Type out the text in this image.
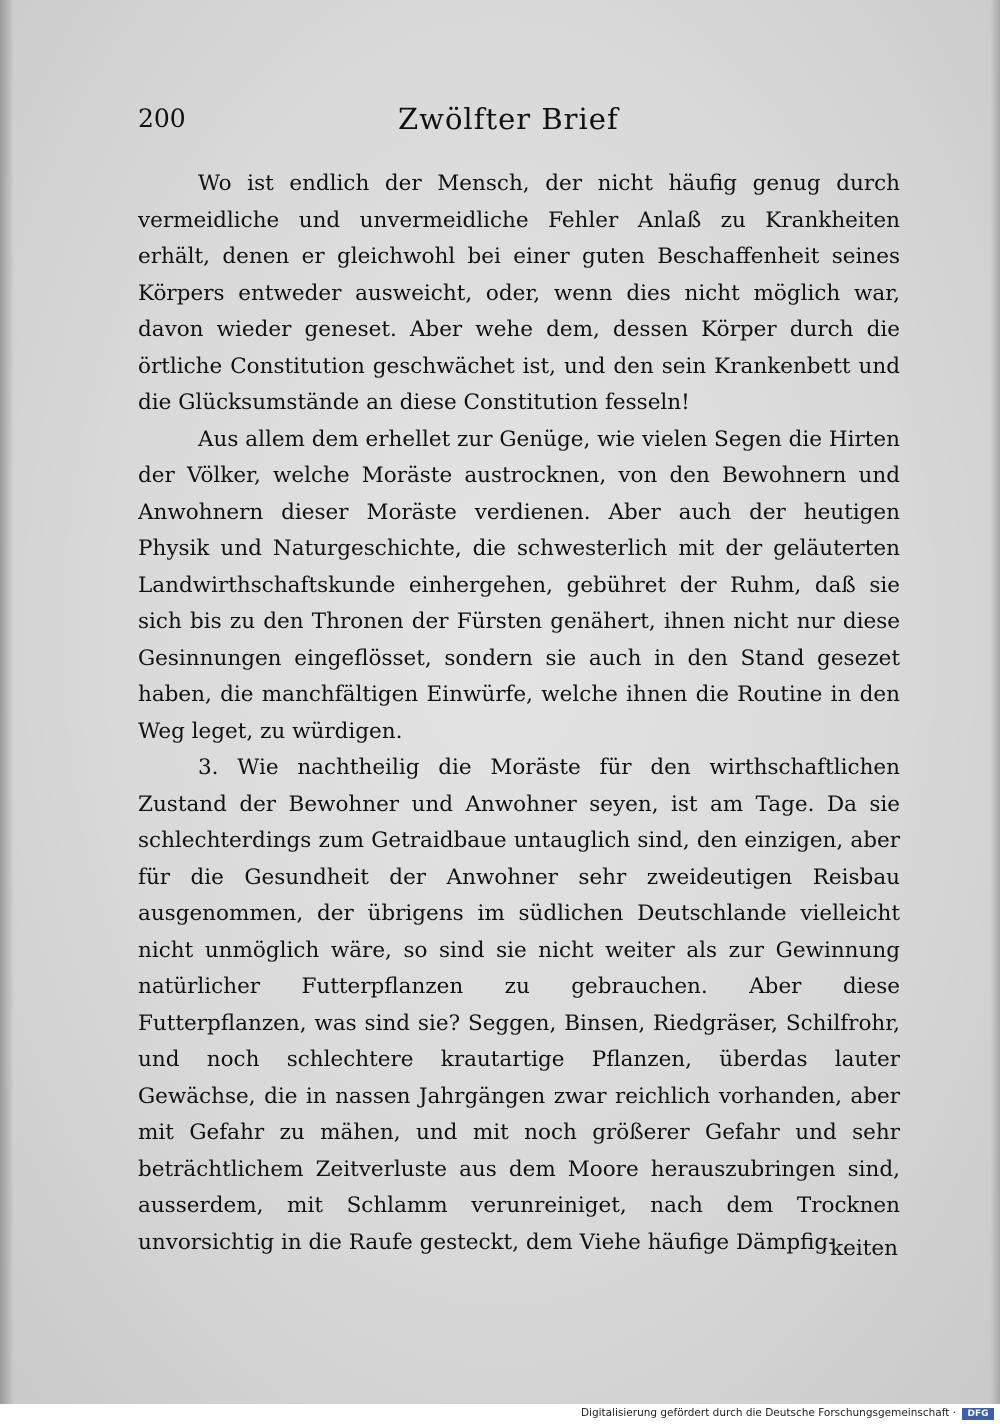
200	Zwölfter Brief

Wo ist endlich der Mensch, der nicht häufig genug durch vermeidliche und unvermeidliche Fehler Anlaß zu Krankheiten erhält, denen er gleichwohl bei einer guten Beschaffenheit seines Körpers entweder ausweicht, oder, wenn dies nicht möglich war, davon wieder geneset. Aber wehe dem, dessen Körper durch die örtliche Constitution geschwächet ist, und den sein Krankenbett und die Glücksumstände an diese Constitution fesseln!

Aus allem dem erhellet zur Genüge, wie vielen Segen die Hirten der Völker, welche Moräste austrocknen, von den Bewohnern und Anwohnern dieser Moräste verdienen. Aber auch der heutigen Physik und Naturgeschichte, die schwesterlich mit der geläuterten Landwirthschaftskunde einhergehen, gebühret der Ruhm, daß sie sich bis zu den Thronen der Fürsten genähert, ihnen nicht nur diese Gesinnungen eingeflösset, sondern sie auch in den Stand gesezet haben, die manchfältigen Einwürfe, welche ihnen die Routine in den Weg leget, zu würdigen.

3. Wie nachtheilig die Moräste für den wirthschaftlichen Zustand der Bewohner und Anwohner seyen, ist am Tage. Da sie schlechterdings zum Getraidbaue untauglich sind, den einzigen, aber für die Gesundheit der Anwohner sehr zweideutigen Reisbau ausgenommen, der übrigens im südlichen Deutschlande vielleicht nicht unmöglich wäre, so sind sie nicht weiter als zur Gewinnung natürlicher Futterpflanzen zu gebrauchen. Aber diese Futterpflanzen, was sind sie? Seggen, Binsen, Riedgräser, Schilfrohr, und noch schlechtere krautartige Pflanzen, überdas lauter Gewächse, die in nassen Jahrgängen zwar reichlich vorhanden, aber mit Gefahr zu mähen, und mit noch größerer Gefahr und sehr beträchtlichem Zeitverluste aus dem Moore herauszubringen sind, ausserdem, mit Schlamm verunreiniget, nach dem Trocknen unvorsichtig in die Raufe gesteckt, dem Viehe häufige Dämpfig-

keiten
Digitalisierung gefördert durch die Deutsche Forschungsgemeinschaft ·	DFG
